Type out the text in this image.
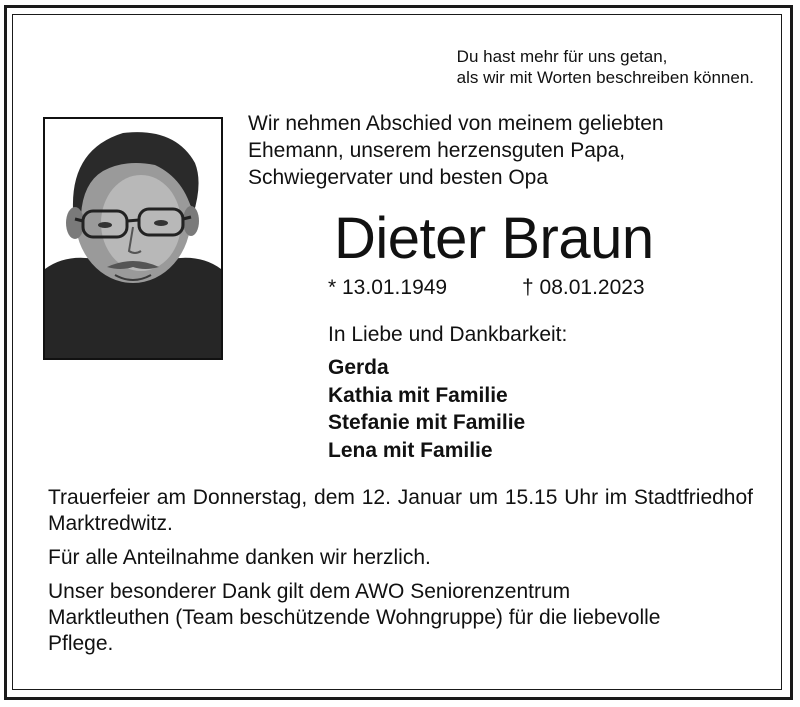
Du hast mehr für uns getan,
als wir mit Worten beschreiben können.
Wir nehmen Abschied von meinem geliebten
Ehemann, unserem herzensguten Papa,
Schwiegervater und besten Opa
Dieter Braun
* 13.01.1949	† 08.01.2023
In Liebe und Dankbarkeit:
Gerda
Kathia mit Familie
Stefanie mit Familie
Lena mit Familie

Trauerfeier am Donnerstag, dem 12. Januar um 15.15 Uhr im Stadtfriedhof Marktredwitz.

Für alle Anteilnahme danken wir herzlich.

Unser besonderer Dank gilt dem AWO Seniorenzentrum Marktleuthen (Team beschützende Wohngruppe) für die liebevolle Pflege.
